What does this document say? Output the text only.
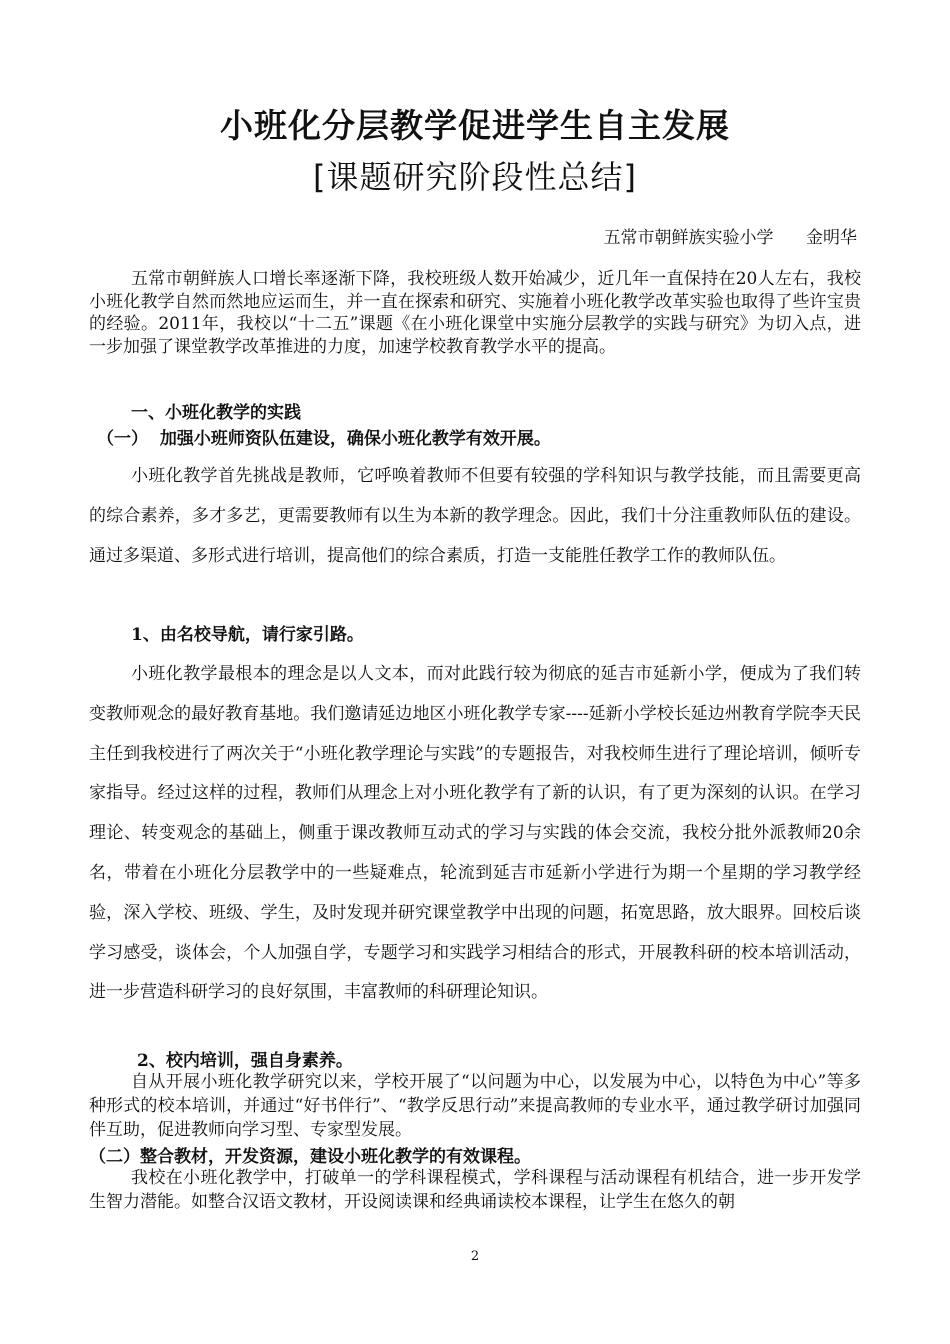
小班化分层教学促进学生自主发展
[课题研究阶段性总结]
五常市朝鲜族实验小学      金明华

五常市朝鲜族人口增长率逐渐下降，我校班级人数开始减少，近几年一直保持在20人左右，我校小班化教学自然而然地应运而生，并一直在探索和研究、实施着小班化教学改革实验也取得了些许宝贵的经验。2011年，我校以“十二五”课题《在小班化课堂中实施分层教学的实践与研究》为切入点，进一步加强了课堂教学改革推进的力度，加速学校教育教学水平的提高。

一、小班化教学的实践
（一）  加强小班师资队伍建设，确保小班化教学有效开展。

小班化教学首先挑战是教师，它呼唤着教师不但要有较强的学科知识与教学技能，而且需要更高的综合素养，多才多艺，更需要教师有以生为本新的教学理念。因此，我们十分注重教师队伍的建设。通过多渠道、多形式进行培训，提高他们的综合素质，打造一支能胜任教学工作的教师队伍。

1、由名校导航，请行家引路。

小班化教学最根本的理念是以人文本，而对此践行较为彻底的延吉市延新小学，便成为了我们转变教师观念的最好教育基地。我们邀请延边地区小班化教学专家----延新小学校长延边州教育学院李天民主任到我校进行了两次关于“小班化教学理论与实践”的专题报告，对我校师生进行了理论培训，倾听专家指导。经过这样的过程，教师们从理念上对小班化教学有了新的认识，有了更为深刻的认识。在学习理论、转变观念的基础上，侧重于课改教师互动式的学习与实践的体会交流，我校分批外派教师20余名，带着在小班化分层教学中的一些疑难点，轮流到延吉市延新小学进行为期一个星期的学习教学经验，深入学校、班级、学生，及时发现并研究课堂教学中出现的问题，拓宽思路，放大眼界。回校后谈学习感受，谈体会，个人加强自学，专题学习和实践学习相结合的形式，开展教科研的校本培训活动，进一步营造科研学习的良好氛围，丰富教师的科研理论知识。

2、校内培训，强自身素养。

自从开展小班化教学研究以来，学校开展了“以问题为中心，以发展为中心，以特色为中心”等多种形式的校本培训，并通过“好书伴行”、“教学反思行动”来提高教师的专业水平，通过教学研讨加强同伴互助，促进教师向学习型、专家型发展。

（二）整合教材，开发资源，建设小班化教学的有效课程。

我校在小班化教学中，打破单一的学科课程模式，学科课程与活动课程有机结合，进一步开发学生智力潜能。如整合汉语文教材，开设阅读课和经典诵读校本课程，让学生在悠久的朝

2
